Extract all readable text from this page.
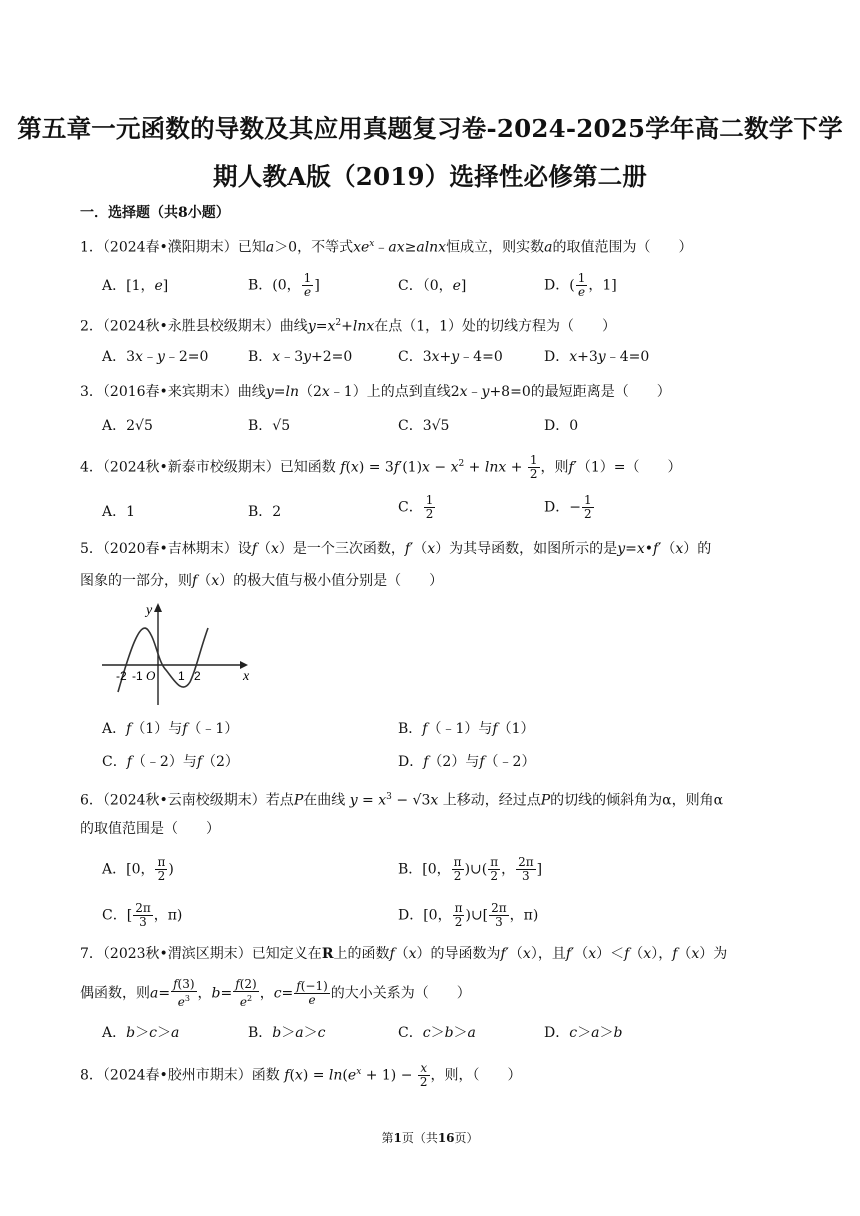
第五章一元函数的导数及其应用真题复习卷-2024-2025学年高二数学下学
期人教A版（2019）选择性必修第二册
一．选择题（共8小题）
1．（2024春•濮阳期末）已知a＞0，不等式$xe^x﹣ax\ge alnx$恒成立，则实数a的取值范围为（　　）
A．[1，e]	B．(0， $\frac{1}{e}$ ]	C．（0，e]	D．( $\frac{1}{e}$ ，1]
2．（2024秋•永胜县校级期末）曲线$y=x^2+\ln x$在点（1，1）处的切线方程为（　　）
A．3x﹣y﹣2=0	B．x﹣3y+2=0	C．3x+y﹣4=0	D．x+3y﹣4=0
3．（2016春•来宾期末）曲线y=ln（2x﹣1）上的点到直线2x﹣y+8=0的最短距离是（　　）
A．2√5	B．√5	C．3√5	D．0
4．（2024秋•新泰市校级期末）已知函数 $f(x) = 3f'(1)x - x^2 + \ln x + \frac{1}{2}$ ，则f′（1）=（　　）
A．1	B．2	C． $\frac{1}{2}$	D．− $\frac{1}{2}$
5．（2020春•吉林期末）设f（x）是一个三次函数，f′（x）为其导函数，如图所示的是y=x•f′（x）的
图象的一部分，则f（x）的极大值与极小值分别是（　　）
y
x
O
-2 -1	1 2
A．f（1）与f（﹣1）	B．f（﹣1）与f（1）
C．f（﹣2）与f（2）	D．f（2）与f（﹣2）
6．（2024秋•云南校级期末）若点P在曲线 $y = x^3 - √3x$ 上移动，经过点P的切线的倾斜角为α，则角α
的取值范围是（　　）
A．[0， $\frac{\pi}{2}$ )	B．[0， $\frac{\pi}{2}$ )∪( $\frac{\pi}{2}$ ， $\frac{2\pi}{3}$ ]
C．[ $\frac{2\pi}{3}$ ，π)	D．[0， $\frac{\pi}{2}$ )∪[ $\frac{2\pi}{3}$ ，π)
7．（2023秋•渭滨区期末）已知定义在R上的函数f（x）的导函数为f′（x），且f′（x）＜f（x），f（x）为
偶函数，则$a= \frac{f(3)}{e^3}$ ，$b= \frac{f(2)}{e^2}$ ，$c= \frac{f(-1)}{e}$ 的大小关系为（　　）
A．b＞c＞a	B．b＞a＞c	C．c＞b＞a	D．c＞a＞b
8．（2024春•胶州市期末）函数 $f(x) = \ln(e^x + 1) - \frac{x}{2}$ ，则，（　　）
第1页（共16页）
